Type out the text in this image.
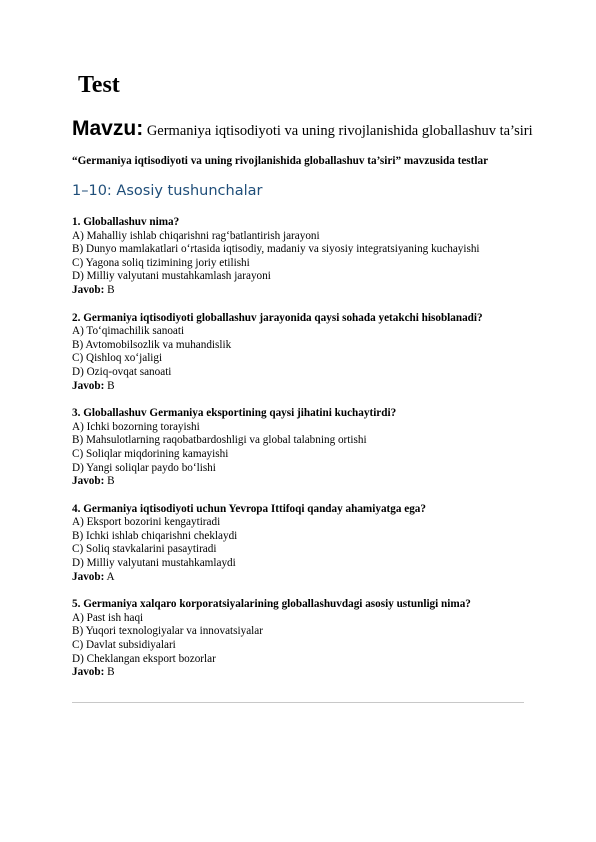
Test
Mavzu: Germaniya iqtisodiyoti va uning rivojlanishida globallashuv ta’siri
“Germaniya iqtisodiyoti va uning rivojlanishida globallashuv ta’siri” mavzusida testlar
1–10: Asosiy tushunchalar
1. Globallashuv nima?
A) Mahalliy ishlab chiqarishni rag‘batlantirish jarayoni
B) Dunyo mamlakatlari o‘rtasida iqtisodiy, madaniy va siyosiy integratsiyaning kuchayishi
C) Yagona soliq tizimining joriy etilishi
D) Milliy valyutani mustahkamlash jarayoni
Javob: B
2. Germaniya iqtisodiyoti globallashuv jarayonida qaysi sohada yetakchi hisoblanadi?
A) To‘qimachilik sanoati
B) Avtomobilsozlik va muhandislik
C) Qishloq xo‘jaligi
D) Oziq-ovqat sanoati
Javob: B
3. Globallashuv Germaniya eksportining qaysi jihatini kuchaytirdi?
A) Ichki bozorning torayishi
B) Mahsulotlarning raqobatbardoshligi va global talabning ortishi
C) Soliqlar miqdorining kamayishi
D) Yangi soliqlar paydo bo‘lishi
Javob: B
4. Germaniya iqtisodiyoti uchun Yevropa Ittifoqi qanday ahamiyatga ega?
A) Eksport bozorini kengaytiradi
B) Ichki ishlab chiqarishni cheklaydi
C) Soliq stavkalarini pasaytiradi
D) Milliy valyutani mustahkamlaydi
Javob: A
5. Germaniya xalqaro korporatsiyalarining globallashuvdagi asosiy ustunligi nima?
A) Past ish haqi
B) Yuqori texnologiyalar va innovatsiyalar
C) Davlat subsidiyalari
D) Cheklangan eksport bozorlar
Javob: B
